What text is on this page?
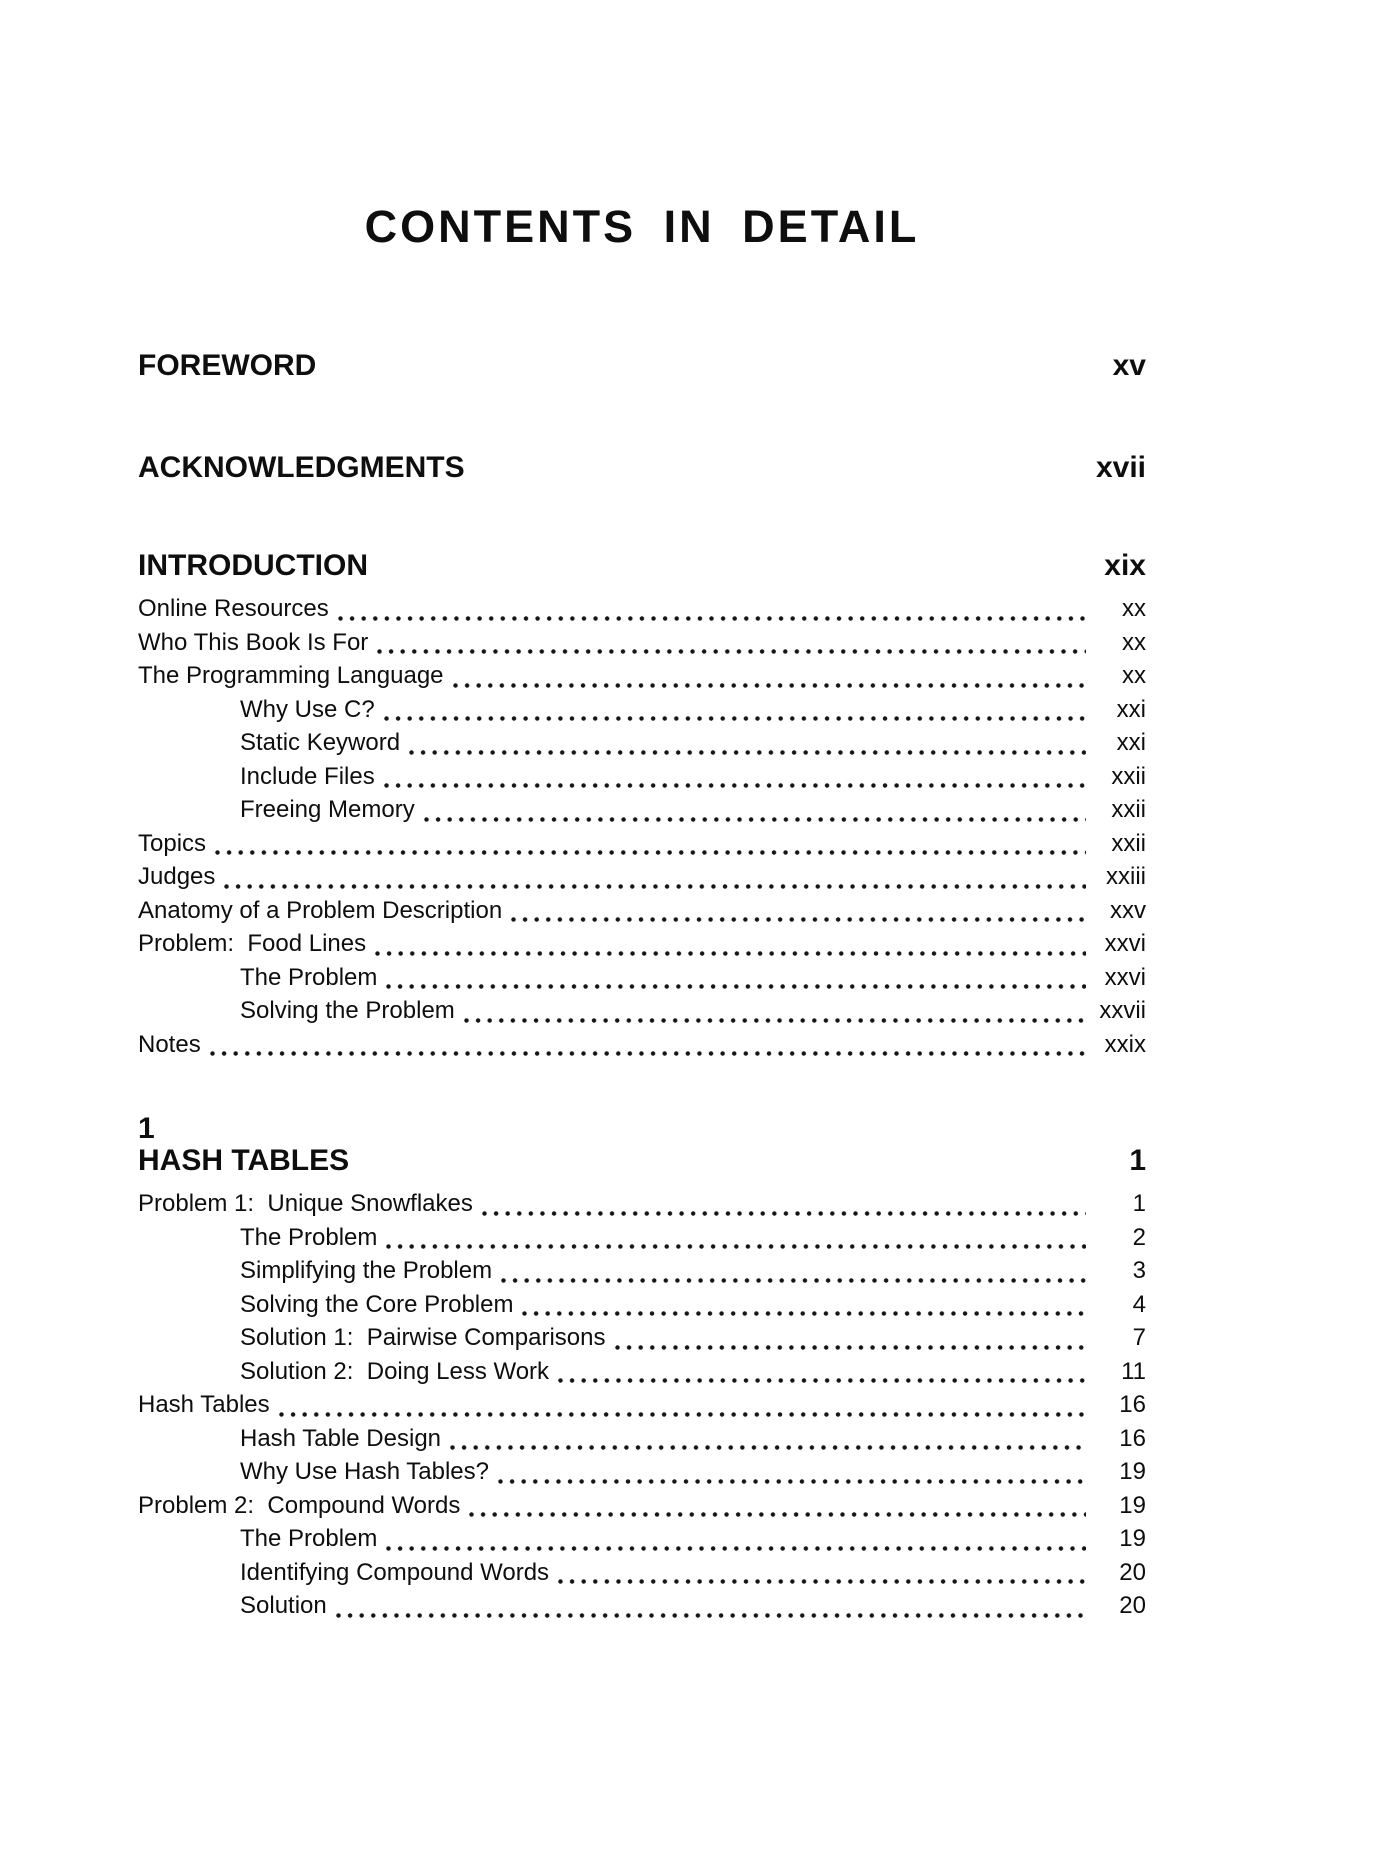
CONTENTS IN DETAIL
FOREWORD	xv
ACKNOWLEDGMENTS	xvii
INTRODUCTION	xix
Online Resources	xx
Who This Book Is For	xx
The Programming Language	xx
Why Use C?	xxi
Static Keyword	xxi
Include Files	xxii
Freeing Memory	xxii
Topics	xxii
Judges	xxiii
Anatomy of a Problem Description	xxv
Problem:  Food Lines	xxvi
The Problem	xxvi
Solving the Problem	xxvii
Notes	xxix
1
HASH TABLES	1
Problem 1:  Unique Snowflakes	1
The Problem	2
Simplifying the Problem	3
Solving the Core Problem	4
Solution 1:  Pairwise Comparisons	7
Solution 2:  Doing Less Work	11
Hash Tables	16
Hash Table Design	16
Why Use Hash Tables?	19
Problem 2:  Compound Words	19
The Problem	19
Identifying Compound Words	20
Solution	20
